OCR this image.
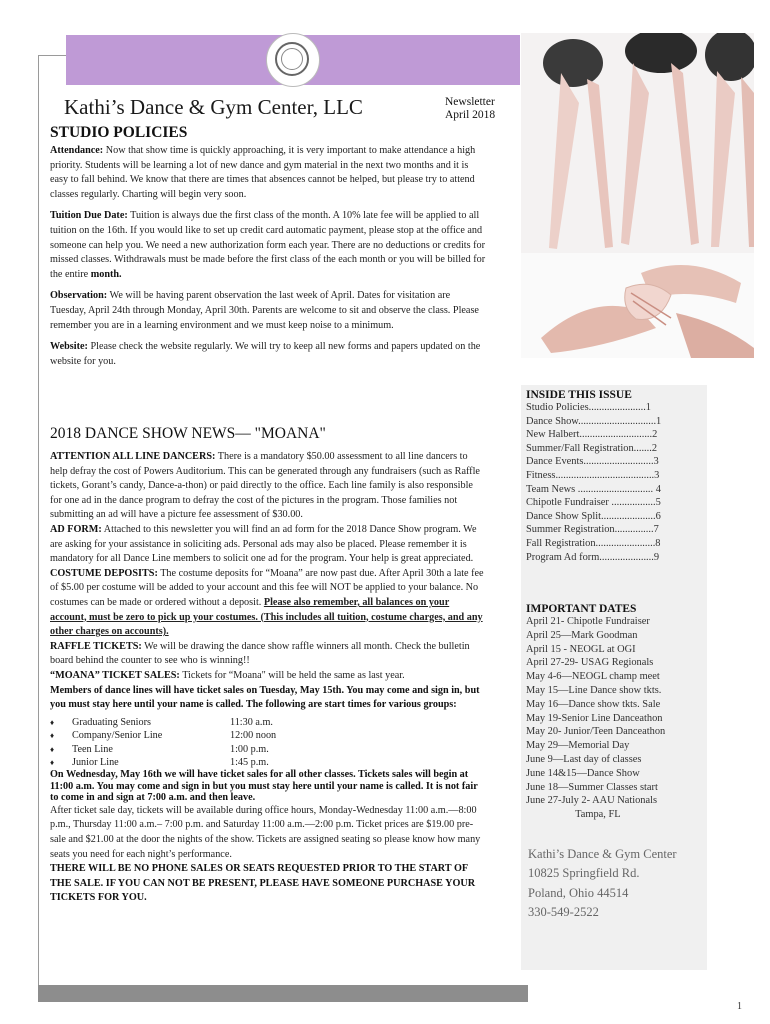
Kathi’s Dance & Gym Center, LLC	Newsletter
April 2018
STUDIO POLICIES

Attendance: Now that show time is quickly approaching, it is very important to make attendance a high priority. Students will be learning a lot of new dance and gym material in the next two months and it is easy to fall behind. We know that there are times that absences cannot be helped, but please try to attend classes regularly. Charting will begin very soon.

Tuition Due Date: Tuition is always due the first class of the month. A 10% late fee will be applied to all tuition on the 16th. If you would like to set up credit card automatic payment, please stop at the office and someone can help you. We need a new authorization form each year. There are no deductions or credits for missed classes. Withdrawals must be made before the first class of the each month or you will be billed for the entire month.

Observation: We will be having parent observation the last week of April. Dates for visitation are Tuesday, April 24th through Monday, April 30th. Parents are welcome to sit and observe the class. Please remember you are in a learning environment and we must keep noise to a minimum.

Website: Please check the website regularly. We will try to keep all new forms and papers updated on the website for you.

2018 DANCE SHOW NEWS— "MOANA"

ATTENTION ALL LINE DANCERS: There is a mandatory $50.00 assessment to all line dancers to help defray the cost of Powers Auditorium. This can be generated through any fundraisers (such as Raffle tickets, Gorant’s candy, Dance-a-thon) or paid directly to the office. Each line family is also responsible for one ad in the dance program to defray the cost of the pictures in the program. Those families not submitting an ad will have a picture fee assessment of $30.00.

AD FORM: Attached to this newsletter you will find an ad form for the 2018 Dance Show program. We are asking for your assistance in soliciting ads. Personal ads may also be placed. Please remember it is mandatory for all Dance Line members to solicit one ad for the program. Your help is great appreciated.

COSTUME DEPOSITS: The costume deposits for “Moana” are now past due. After April 30th a late fee of $5.00 per costume will be added to your account and this fee will NOT be applied to your balance. No costumes can be made or ordered without a deposit. Please also remember, all balances on your account, must be zero to pick up your costumes. (This includes all tuition, costume charges, and any other charges on accounts).

RAFFLE TICKETS: We will be drawing the dance show raffle winners all month. Check the bulletin board behind the counter to see who is winning!!

“MOANA” TICKET SALES: Tickets for “Moana" will be held the same as last year.

Members of dance lines will have ticket sales on Tuesday, May 15th. You may come and sign in, but you must stay here until your name is called. The following are start times for various groups:

♦ Graduating Seniors	11:30 a.m.
♦ Company/Senior Line	12:00 noon
♦ Teen Line	1:00 p.m.
♦ Junior Line	1:45 p.m.

On Wednesday, May 16th we will have ticket sales for all other classes. Tickets sales will begin at 11:00 a.m. You may come and sign in but you must stay here until your name is called. It is not fair to come in and sign at 7:00 a.m. and then leave.

After ticket sale day, tickets will be available during office hours, Monday-Wednesday 11:00 a.m.—8:00 p.m., Thursday 11:00 a.m.– 7:00 p.m. and Saturday 11:00 a.m.—2:00 p.m. Ticket prices are $19.00 pre-sale and $21.00 at the door the nights of the show. Tickets are assigned seating so please know how many seats you need for each night’s performance.

THERE WILL BE NO PHONE SALES OR SEATS REQUESTED PRIOR TO THE START OF THE SALE. IF YOU CAN NOT BE PRESENT, PLEASE HAVE SOMEONE PURCHASE YOUR TICKETS FOR YOU.

INSIDE THIS ISSUE
Studio Policies......................1
Dance Show..............................1
New Halbert............................2
Summer/Fall Registration.......2
Dance Events...........................3
Fitness......................................3
Team News ............................. 4
Chipotle Fundraiser .................5
Dance Show Split.....................6
Summer Registration...............7
Fall Registration.......................8
Program Ad form.....................9
IMPORTANT DATES
April 21- Chipotle Fundraiser
April 25—Mark Goodman
April 15 - NEOGL at OGI
April 27-29- USAG Regionals
May 4-6—NEOGL champ meet
May 15—Line Dance show tkts.
May 16—Dance show tkts. Sale
May 19-Senior Line Danceathon
May 20- Junior/Teen Danceathon
May 29—Memorial Day
June 9—Last day of classes
June 14&15—Dance Show
June 18—Summer Classes start
June 27-July 2- AAU Nationals
Tampa, FL
Kathi’s Dance & Gym Center
10825 Springfield Rd.
Poland, Ohio 44514
330-549-2522
1
